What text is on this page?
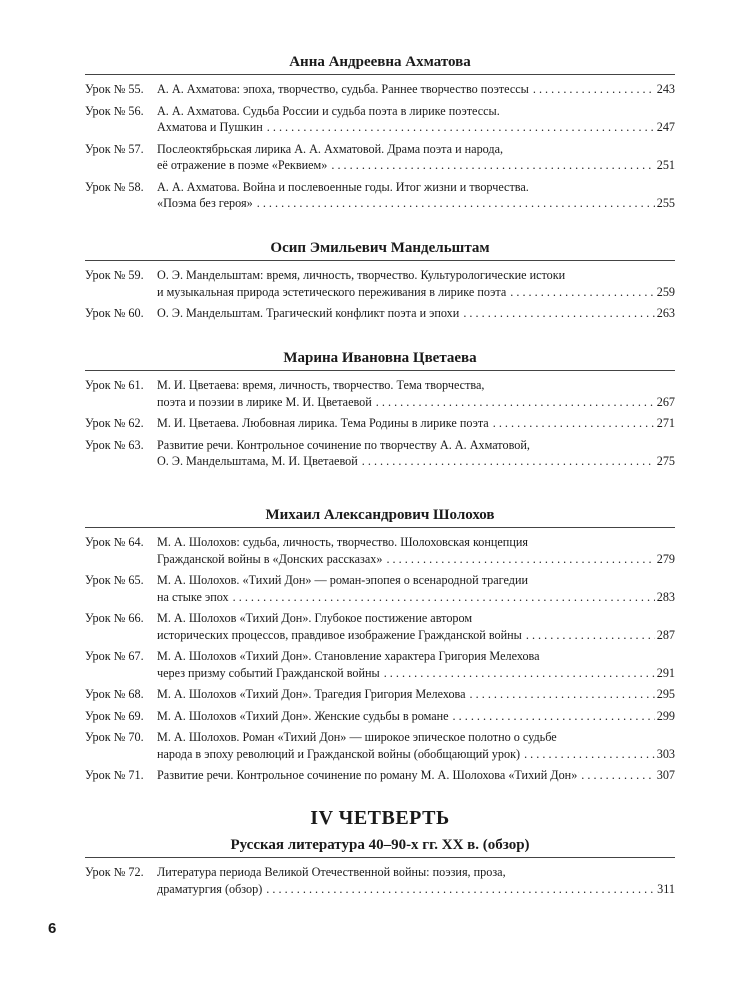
Анна Андреевна Ахматова
Урок № 55.	А. А. Ахматова: эпоха, творчество, судьба. Раннее творчество поэтессы . . .	243
Урок № 56.	А. А. Ахматова. Судьба России и судьба поэта в лирике поэтессы.
Ахматова и Пушкин . . .	247
Урок № 57.	Послеоктябрьская лирика А. А. Ахматовой. Драма поэта и народа,
её отражение в поэме «Реквием» . . .	251
Урок № 58.	А. А. Ахматова. Война и послевоенные годы. Итог жизни и творчества.
«Поэма без героя» . . .	255
Осип Эмильевич Мандельштам
Урок № 59.	О. Э. Мандельштам: время, личность, творчество. Культурологические истоки
и музыкальная природа эстетического переживания в лирике поэта . . .	259
Урок № 60.	О. Э. Мандельштам. Трагический конфликт поэта и эпохи . . .	263
Марина Ивановна Цветаева
Урок № 61.	М. И. Цветаева: время, личность, творчество. Тема творчества,
поэта и поэзии в лирике М. И. Цветаевой . . .	267
Урок № 62.	М. И. Цветаева. Любовная лирика. Тема Родины в лирике поэта . . .	271
Урок № 63.	Развитие речи. Контрольное сочинение по творчеству А. А. Ахматовой,
О. Э. Мандельштама, М. И. Цветаевой . . .	275
Михаил Александрович Шолохов
Урок № 64.	М. А. Шолохов: судьба, личность, творчество. Шолоховская концепция
Гражданской войны в «Донских рассказах» . . .	279
Урок № 65.	М. А. Шолохов. «Тихий Дон» — роман-эпопея о всенародной трагедии
на стыке эпох . . .	283
Урок № 66.	М. А. Шолохов «Тихий Дон». Глубокое постижение автором
исторических процессов, правдивое изображение Гражданской войны . . .	287
Урок № 67.	М. А. Шолохов «Тихий Дон». Становление характера Григория Мелехова
через призму событий Гражданской войны . . .	291
Урок № 68.	М. А. Шолохов «Тихий Дон». Трагедия Григория Мелехова . . .	295
Урок № 69.	М. А. Шолохов «Тихий Дон». Женские судьбы в романе . . .	299
Урок № 70.	М. А. Шолохов. Роман «Тихий Дон» — широкое эпическое полотно о судьбе
народа в эпоху революций и Гражданской войны (обобщающий урок) . . .	303
Урок № 71.	Развитие речи. Контрольное сочинение по роману М. А. Шолохова «Тихий Дон» . . .	307
IV ЧЕТВЕРТЬ
Русская литература 40–90-х гг. XX в. (обзор)
Урок № 72.	Литература периода Великой Отечественной войны: поэзия, проза,
драматургия (обзор) . . .	311
6
